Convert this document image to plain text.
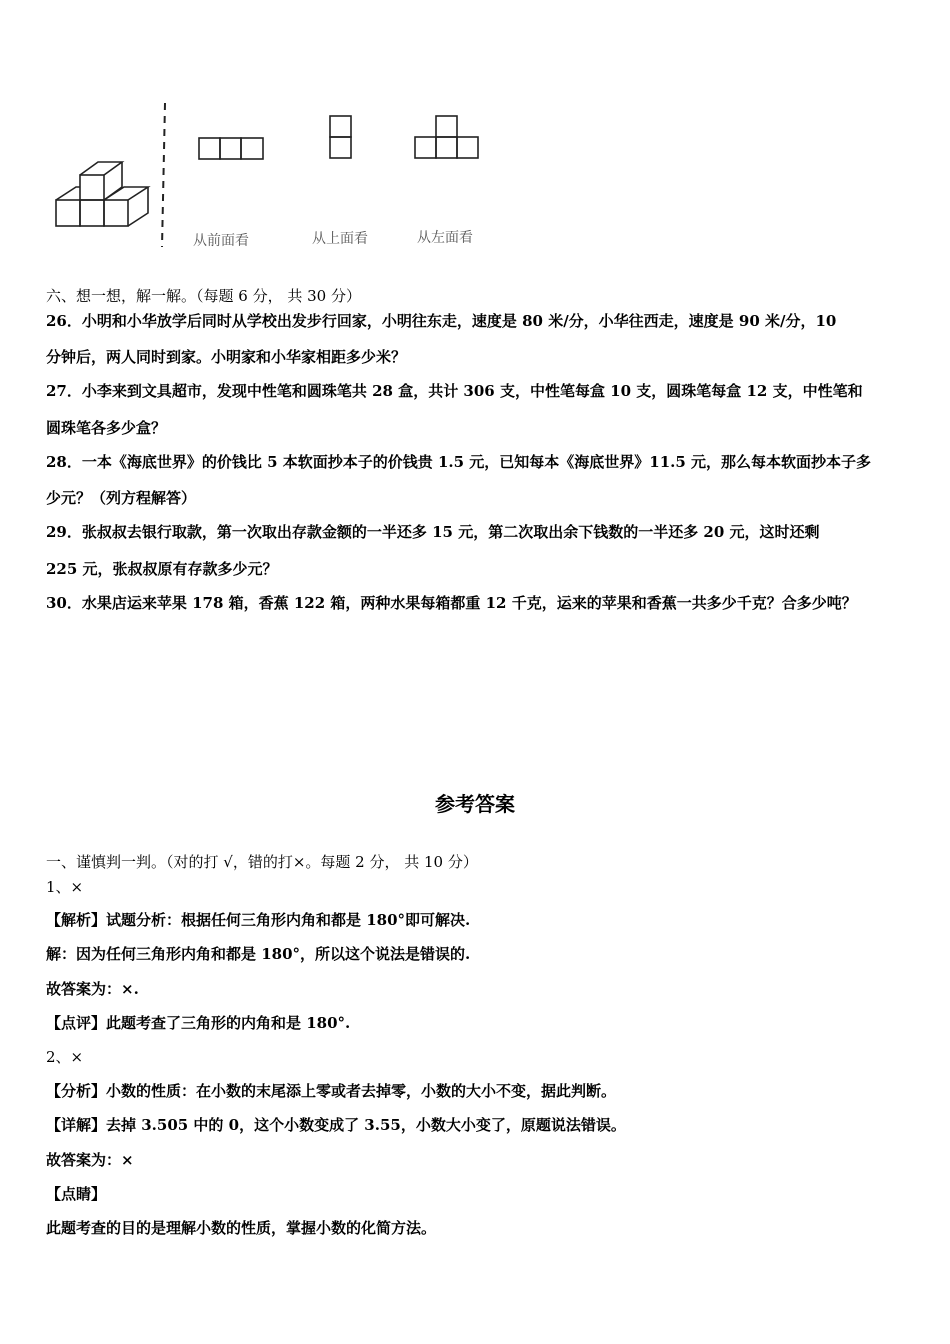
从前面看	从上面看	从左面看
六、想一想，解一解。（每题 6 分， 共 30 分）
26．小明和小华放学后同时从学校出发步行回家，小明往东走，速度是 80 米/分，小华往西走，速度是 90 米/分，10
分钟后，两人同时到家。小明家和小华家相距多少米？
27．小李来到文具超市，发现中性笔和圆珠笔共 28 盒，共计 306 支，中性笔每盒 10 支，圆珠笔每盒 12 支，中性笔和
圆珠笔各多少盒？
28．一本《海底世界》的价钱比 5 本软面抄本子的价钱贵 1.5 元，已知每本《海底世界》11.5 元，那么每本软面抄本子多
少元？（列方程解答）
29．张叔叔去银行取款，第一次取出存款金额的一半还多 15 元，第二次取出余下钱数的一半还多 20 元，这时还剩
225 元，张叔叔原有存款多少元？
30．水果店运来苹果 178 箱，香蕉 122 箱，两种水果每箱都重 12 千克，运来的苹果和香蕉一共多少千克？合多少吨？
参考答案
一、谨慎判一判。（对的打 √，错的打×。每题 2 分， 共 10 分）
1、×
【解析】试题分析：根据任何三角形内角和都是 180°即可解决.
解：因为任何三角形内角和都是 180°，所以这个说法是错误的.
故答案为：×.
【点评】此题考查了三角形的内角和是 180°.
2、×
【分析】小数的性质：在小数的末尾添上零或者去掉零，小数的大小不变，据此判断。
【详解】去掉 3.505 中的 0，这个小数变成了 3.55，小数大小变了，原题说法错误。
故答案为：×
【点睛】
此题考查的目的是理解小数的性质，掌握小数的化简方法。
